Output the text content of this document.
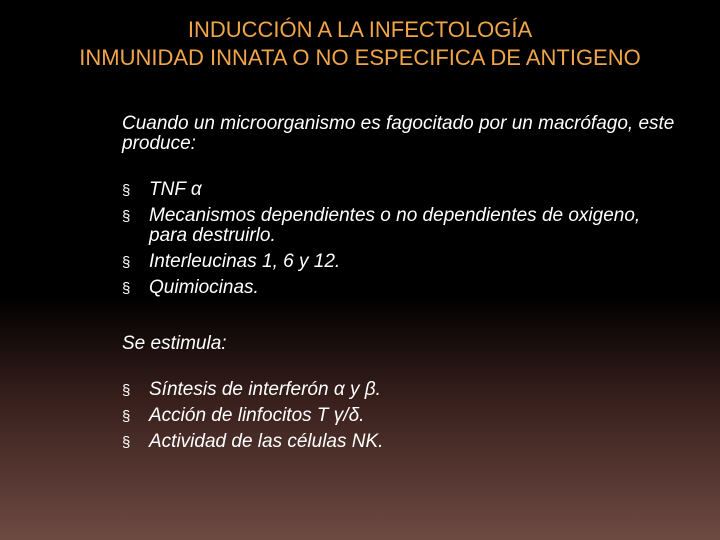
INDUCCIÓN A LA INFECTOLOGÍA
INMUNIDAD INNATA O NO ESPECIFICA DE ANTIGENO

Cuando un microorganismo es fagocitado por un macrófago, este produce:

§ TNF α
§ Mecanismos dependientes o no dependientes de oxigeno, para destruirlo.
§ Interleucinas 1, 6 y 12.
§ Quimiocinas.

Se estimula:

§ Síntesis de interferón α y β.
§ Acción de linfocitos T γ/δ.
§ Actividad de las células NK.
